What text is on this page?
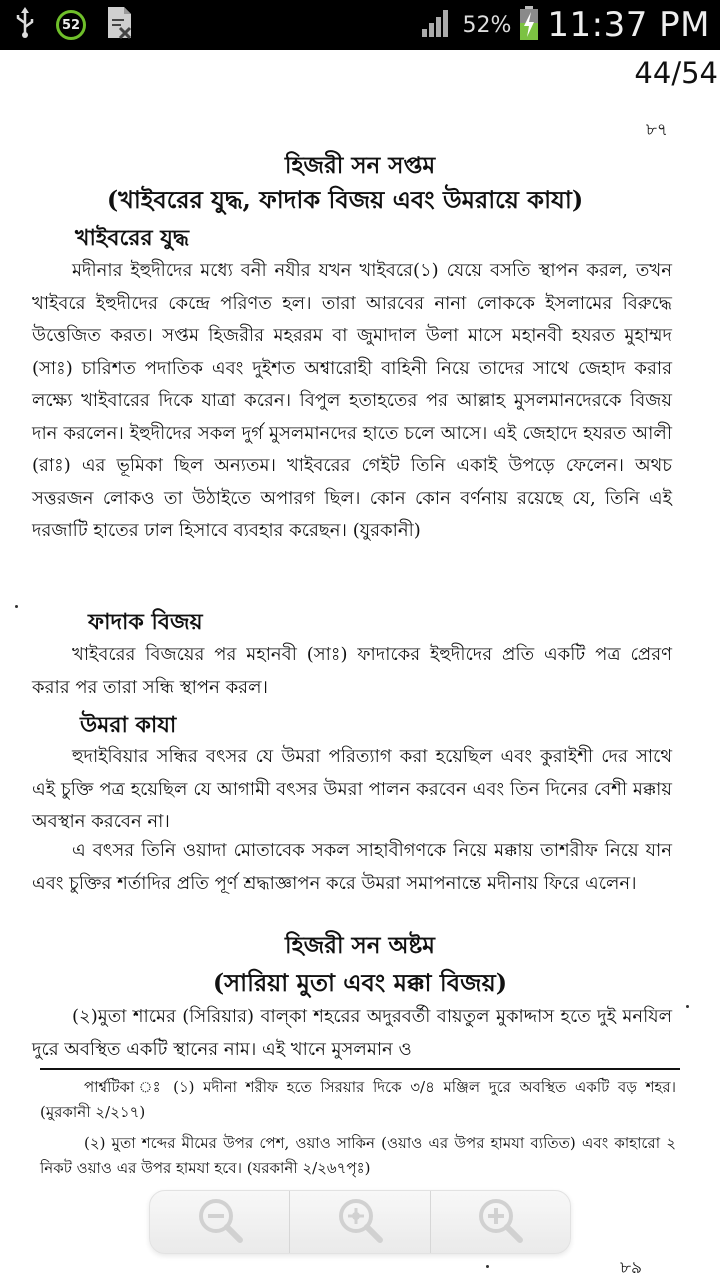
52	52% 11:37 PM
44/54
৮৭
হিজরী সন সপ্তম
(খাইবরের যুদ্ধ, ফাদাক বিজয় এবং উমরায়ে কাযা)
খাইবরের যুদ্ধ

মদীনার ইহুদীদের মধ্যে বনী নযীর যখন খাইবরে(১) যেয়ে বসতি স্থাপন করল, তখন খাইবরে ইহুদীদের কেন্দ্রে পরিণত হল। তারা আরবের নানা লোককে ইসলামের বিরুদ্ধে উত্তেজিত করত। সপ্তম হিজরীর মহররম বা জুমাদাল উলা মাসে মহানবী হযরত মুহাম্মদ (সাঃ) চারিশত পদাতিক এবং দুইশত অশ্বারোহী বাহিনী নিয়ে তাদের সাথে জেহাদ করার লক্ষ্যে খাইবারের দিকে যাত্রা করেন। বিপুল হতাহতের পর আল্লাহ মুসলমানদেরকে বিজয় দান করলেন। ইহুদীদের সকল দুর্গ মুসলমানদের হাতে চলে আসে। এই জেহাদে হযরত আলী (রাঃ) এর ভূমিকা ছিল অন্যতম। খাইবরের গেইট তিনি একাই উপড়ে ফেলেন। অথচ সত্তরজন লোকও তা উঠাইতে অপারগ ছিল। কোন কোন বর্ণনায় রয়েছে যে, তিনি এই দরজাটি হাতের ঢাল হিসাবে ব্যবহার করেছন। (যুরকানী)

ফাদাক বিজয়

খাইবরের বিজয়ের পর মহানবী (সাঃ) ফাদাকের ইহুদীদের প্রতি একটি পত্র প্রেরণ করার পর তারা সন্ধি স্থাপন করল।

উমরা কাযা

হুদাইবিয়ার সন্ধির বৎসর যে উমরা পরিত্যাগ করা হয়েছিল এবং কুরাইশী দের সাথে এই চুক্তি পত্র হয়েছিল যে আগামী বৎসর উমরা পালন করবেন এবং তিন দিনের বেশী মক্কায় অবস্থান করবেন না।

এ বৎসর তিনি ওয়াদা মোতাবেক সকল সাহাবীগণকে নিয়ে মক্কায় তাশরীফ নিয়ে যান এবং চুক্তির শর্তাদির প্রতি পূর্ণ শ্রদ্ধাজ্ঞাপন করে উমরা সমাপনান্তে মদীনায় ফিরে এলেন।

হিজরী সন অষ্টম
(সারিয়া মুতা এবং মক্কা বিজয়)

(২)মুতা শামের (সিরিয়ার) বাল্‌কা শহরের অদুরবর্তী বায়তুল মুকাদ্দাস হতে দুই মনযিল দুরে অবস্থিত একটি স্থানের নাম। এই খানে মুসলমান ও

পার্শ্বটিকা ঃ (১) মদীনা শরীফ হতে সিরয়ার দিকে ৩/৪ মঞ্জিল দুরে অবস্থিত একটি বড় শহর। (মুরকানী ২/২১৭)

(২) মুতা শব্দের মীমের উপর পেশ, ওয়াও সাকিন (ওয়াও এর উপর হামযা ব্যতিত) এবং কাহারো ২ নিকট ওয়াও এর উপর হামযা হবে। (যরকানী ২/২৬৭পৃঃ)

৮৯
